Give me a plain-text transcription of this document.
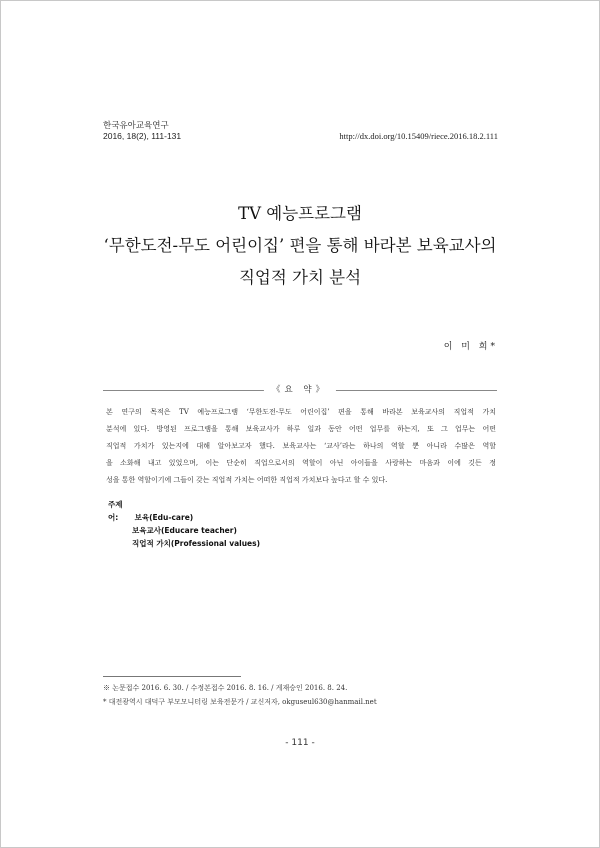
한국유아교육연구
2016, 18(2), 111-131	http://dx.doi.org/10.15409/riece.2016.18.2.111
TV 예능프로그램
‘무한도전-무도 어린이집’ 편을 통해 바라본 보육교사의
직업적 가치 분석
이 미 희*
《요 약》
본 연구의 목적은 TV 예능프로그램 ‘무한도전-무도 어린이집’ 편을 통해 바라본 보육교사의 직업적 가치
분석에 있다. 방영된 프로그램을 통해 보육교사가 하루 일과 동안 어떤 업무를 하는지, 또 그 업무는 어떤
직업적 가치가 있는지에 대해 알아보고자 했다. 보육교사는 ‘교사’라는 하나의 역할 뿐 아니라 수많은 역할
을 소화해 내고 있었으며, 이는 단순히 직업으로서의 역할이 아닌 아이들을 사랑하는 마음과 이에 깃든 정
성을 통한 역할이기에 그들이 갖는 직업적 가치는 어떠한 직업적 가치보다 높다고 할 수 있다.
주제어: 보육(Edu-care)
보육교사(Educare teacher)
직업적 가치(Professional values)
※ 논문접수 2016. 6. 30. / 수정본접수 2016. 8. 16. / 게재승인 2016. 8. 24.
* 대전광역시 대덕구 부모모니터링 보육전문가 / 교신저자, okguseul630@hanmail.net
- 111 -
